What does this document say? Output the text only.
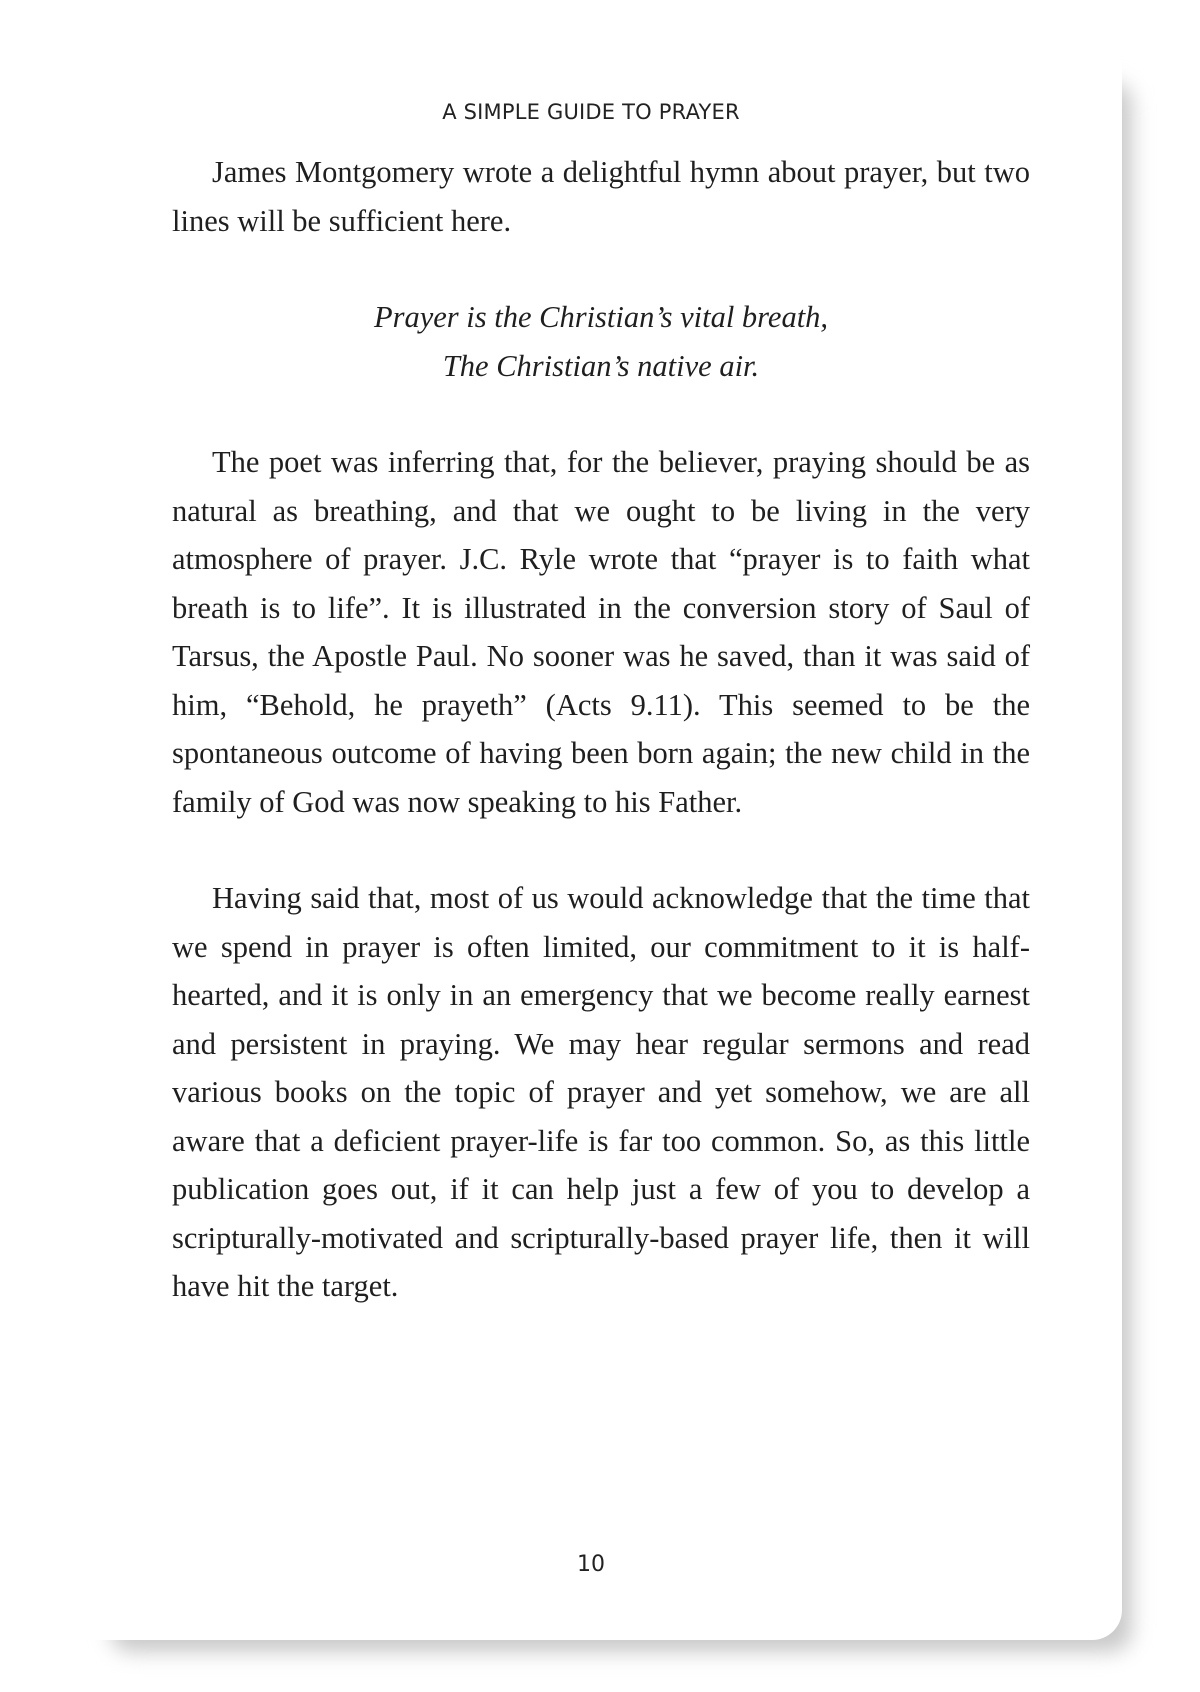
A SIMPLE GUIDE TO PRAYER

James Montgomery wrote a delightful hymn about prayer, but two lines will be sufficient here.

Prayer is the Christian’s vital breath,
The Christian’s native air.

The poet was inferring that, for the believer, praying should be as natural as breathing, and that we ought to be living in the very atmosphere of prayer. J.C. Ryle wrote that “prayer is to faith what breath is to life”. It is illustrated in the conversion story of Saul of Tarsus, the Apostle Paul. No sooner was he saved, than it was said of him, “Behold, he prayeth” (Acts 9.11). This seemed to be the spontaneous outcome of having been born again; the new child in the family of God was now speaking to his Father.

Having said that, most of us would acknowledge that the time that we spend in prayer is often limited, our commitment to it is half-hearted, and it is only in an emergency that we become really earnest and persistent in praying. We may hear regular sermons and read various books on the topic of prayer and yet somehow, we are all aware that a deficient prayer-life is far too common. So, as this little publication goes out, if it can help just a few of you to develop a scripturally-motivated and scripturally-based prayer life, then it will have hit the target.

10
